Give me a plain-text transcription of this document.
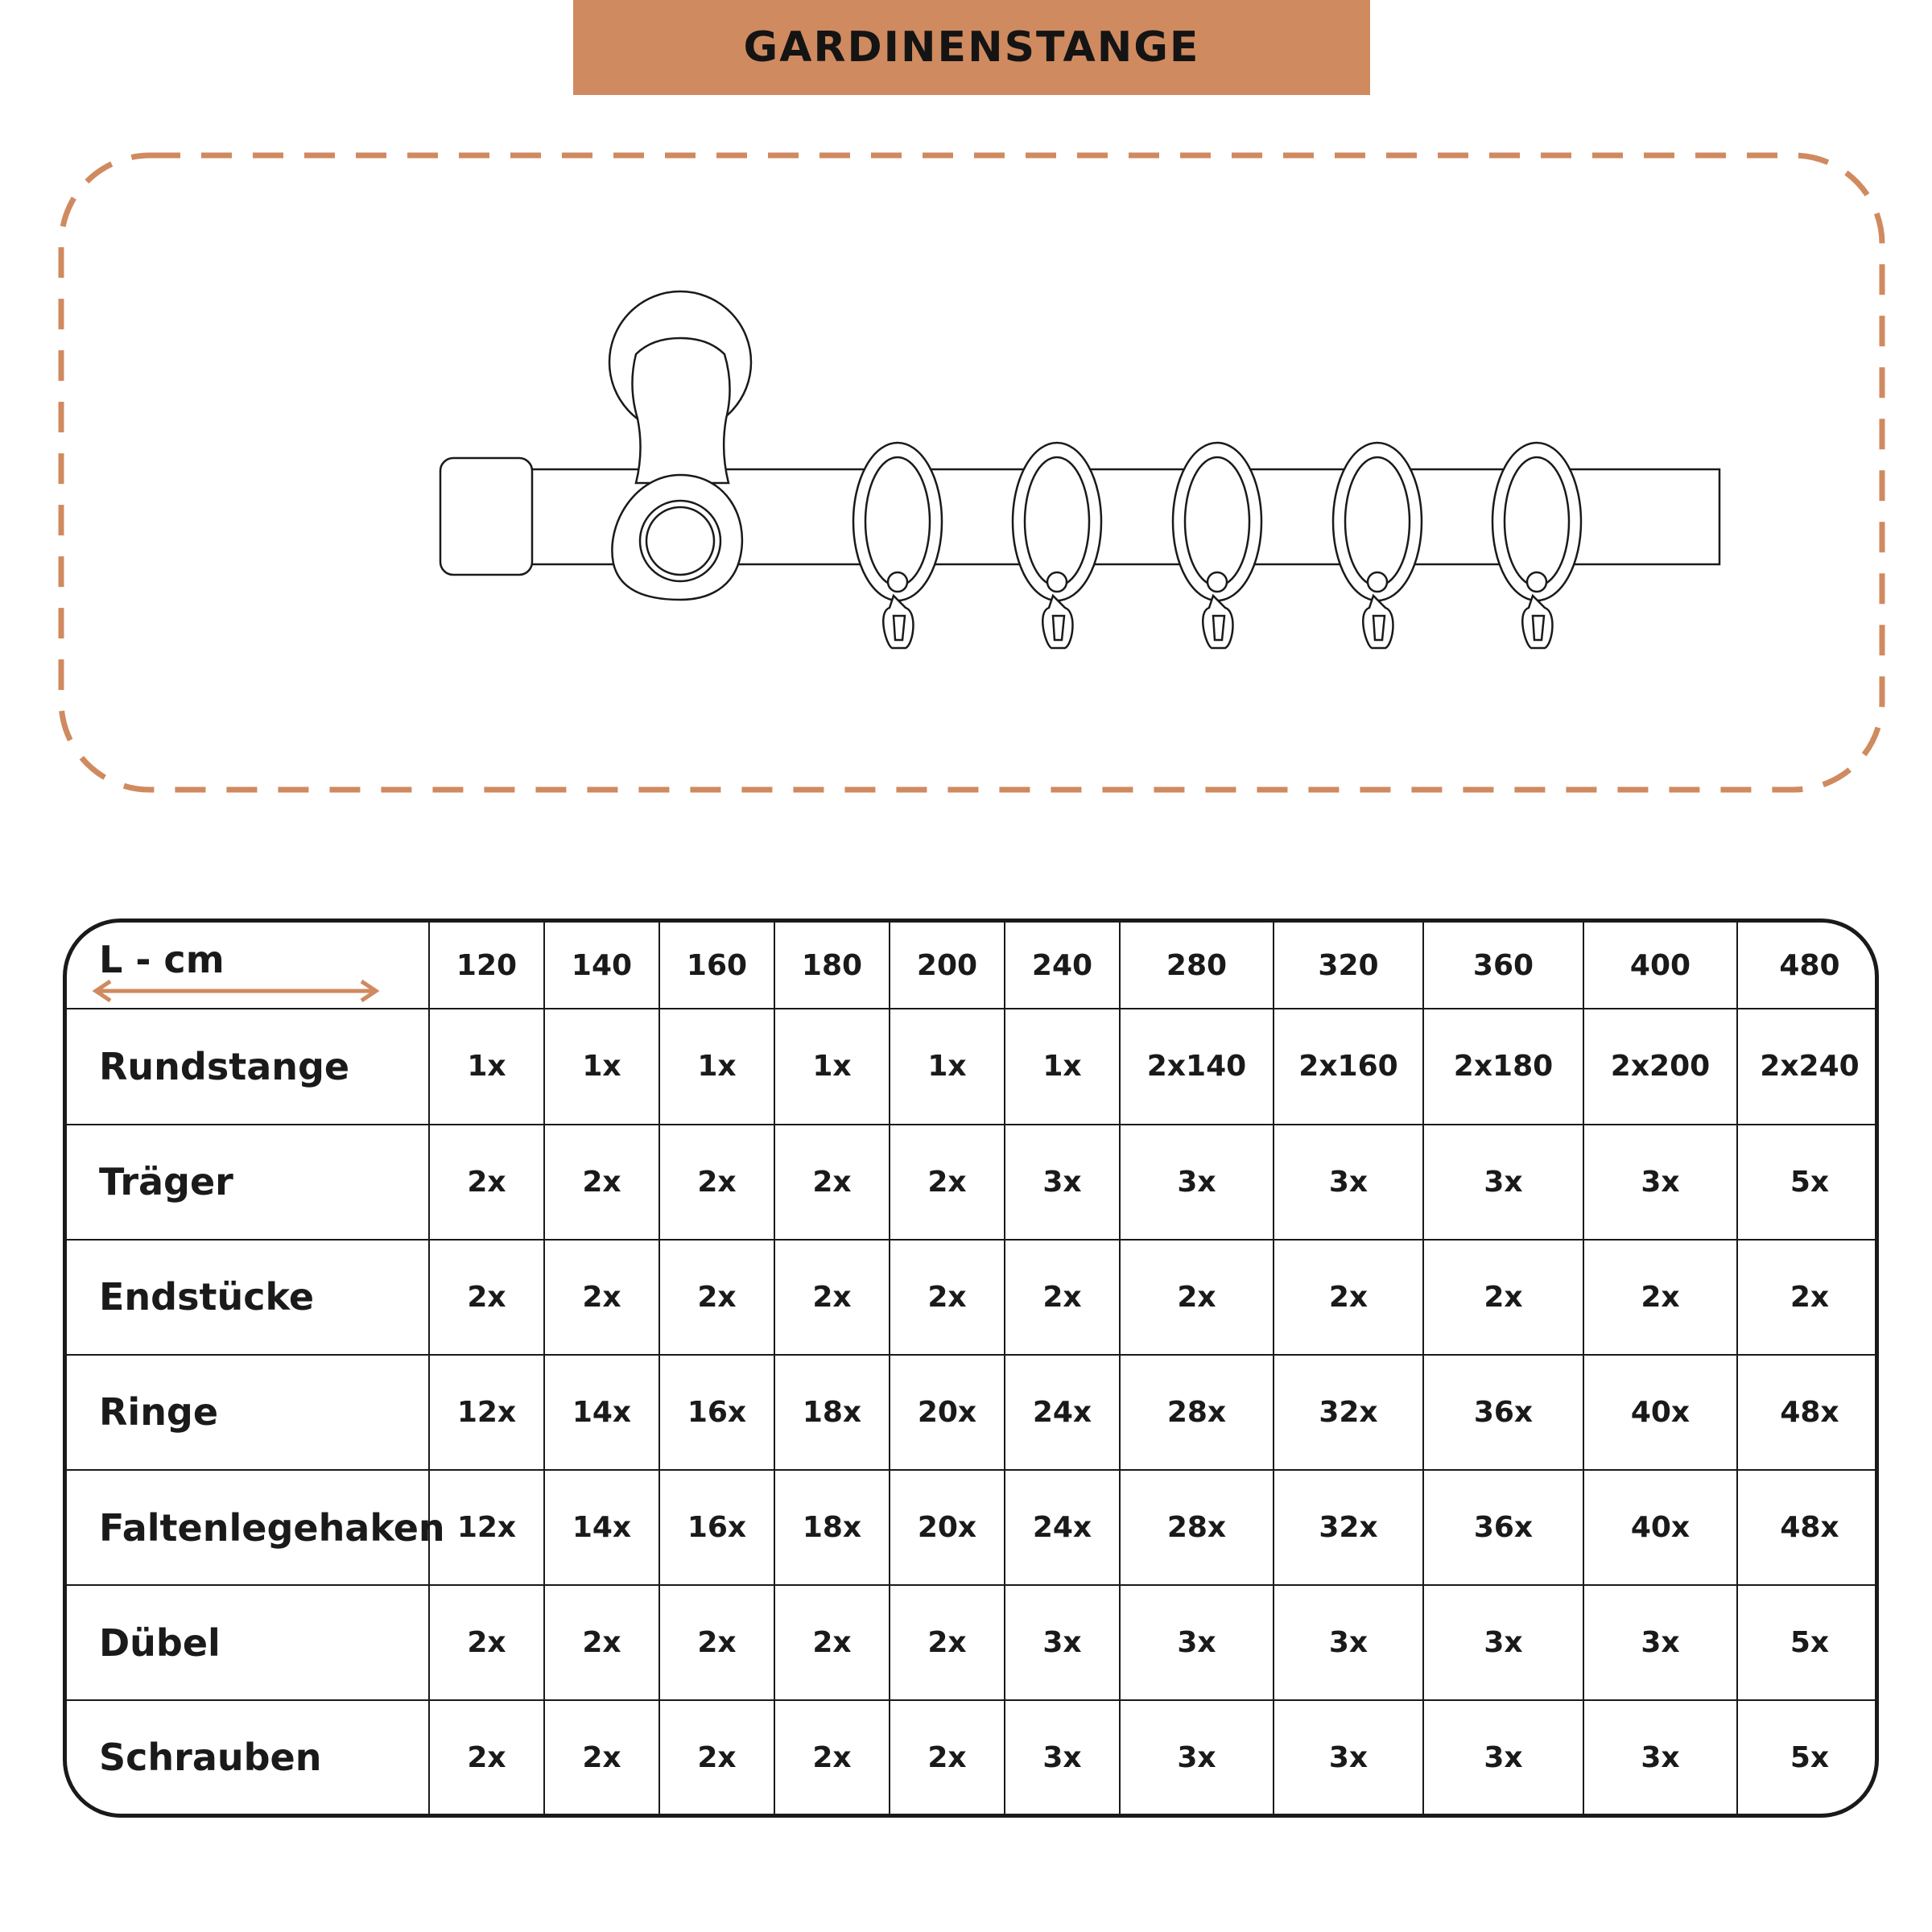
GARDINENSTANGE
L - cm	120	140	160	180	200	240	280	320	360	400	480
Rundstange	1x	1x	1x	1x	1x	1x	2x140	2x160	2x180	2x200	2x240
Träger	2x	2x	2x	2x	2x	3x	3x	3x	3x	3x	5x
Endstücke	2x	2x	2x	2x	2x	2x	2x	2x	2x	2x	2x
Ringe	12x	14x	16x	18x	20x	24x	28x	32x	36x	40x	48x
Faltenlegehaken	12x	14x	16x	18x	20x	24x	28x	32x	36x	40x	48x
Dübel	2x	2x	2x	2x	2x	3x	3x	3x	3x	3x	5x
Schrauben	2x	2x	2x	2x	2x	3x	3x	3x	3x	3x	5x
